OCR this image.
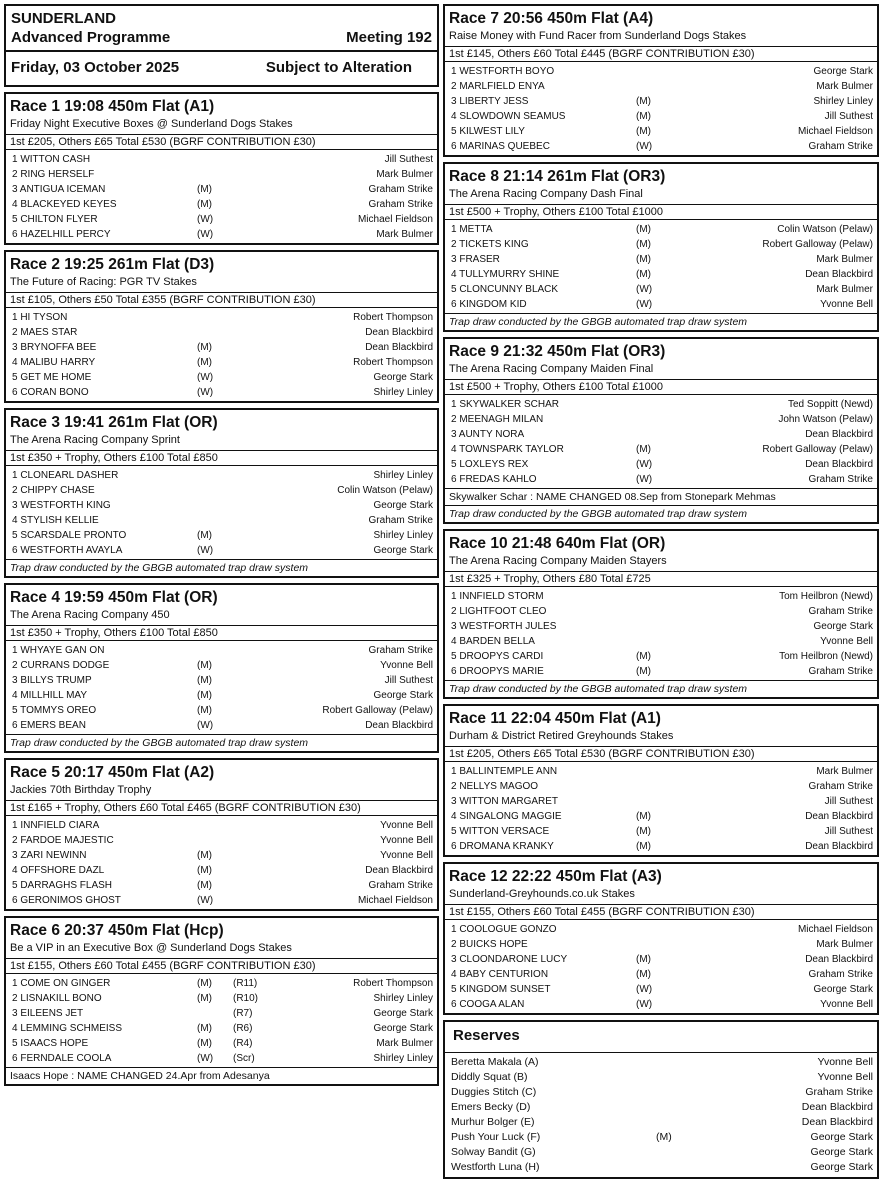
SUNDERLAND
Advanced Programme	Meeting 192
Friday, 03 October 2025	Subject to Alteration
Race 1 19:08 450m Flat (A1)
Friday Night Executive Boxes @ Sunderland Dogs Stakes
1st £205, Others £65 Total £530 (BGRF CONTRIBUTION £30)
1 WITTON CASH	Jill Suthest
2 RING HERSELF	Mark Bulmer
3 ANTIGUA ICEMAN	(M)	Graham Strike
4 BLACKEYED KEYES	(M)	Graham Strike
5 CHILTON FLYER	(W)	Michael Fieldson
6 HAZELHILL PERCY	(W)	Mark Bulmer
Race 2 19:25 261m Flat (D3)
The Future of Racing: PGR TV Stakes
1st £105, Others £50 Total £355 (BGRF CONTRIBUTION £30)
1 HI TYSON	Robert Thompson
2 MAES STAR	Dean Blackbird
3 BRYNOFFA BEE	(M)	Dean Blackbird
4 MALIBU HARRY	(M)	Robert Thompson
5 GET ME HOME	(W)	George Stark
6 CORAN BONO	(W)	Shirley Linley
Race 3 19:41 261m Flat (OR)
The Arena Racing Company Sprint
1st £350 + Trophy, Others £100 Total £850
1 CLONEARL DASHER	Shirley Linley
2 CHIPPY CHASE	Colin Watson (Pelaw)
3 WESTFORTH KING	George Stark
4 STYLISH KELLIE	Graham Strike
5 SCARSDALE PRONTO	(M)	Shirley Linley
6 WESTFORTH AVAYLA	(W)	George Stark
Trap draw conducted by the GBGB automated trap draw system
Race 4 19:59 450m Flat (OR)
The Arena Racing Company 450
1st £350 + Trophy, Others £100 Total £850
1 WHYAYE GAN ON	Graham Strike
2 CURRANS DODGE	(M)	Yvonne Bell
3 BILLYS TRUMP	(M)	Jill Suthest
4 MILLHILL MAY	(M)	George Stark
5 TOMMYS OREO	(M)	Robert Galloway (Pelaw)
6 EMERS BEAN	(W)	Dean Blackbird
Trap draw conducted by the GBGB automated trap draw system
Race 5 20:17 450m Flat (A2)
Jackies 70th Birthday Trophy
1st £165 + Trophy, Others £60 Total £465 (BGRF CONTRIBUTION £30)
1 INNFIELD CIARA	Yvonne Bell
2 FARDOE MAJESTIC	Yvonne Bell
3 ZARI NEWINN	(M)	Yvonne Bell
4 OFFSHORE DAZL	(M)	Dean Blackbird
5 DARRAGHS FLASH	(M)	Graham Strike
6 GERONIMOS GHOST	(W)	Michael Fieldson
Race 6 20:37 450m Flat (Hcp)
Be a VIP in an Executive Box @ Sunderland Dogs Stakes
1st £155, Others £60 Total £455 (BGRF CONTRIBUTION £30)
1 COME ON GINGER	(M)	(R11)	Robert Thompson
2 LISNAKILL BONO	(M)	(R10)	Shirley Linley
3 EILEENS JET	(R7)	George Stark
4 LEMMING SCHMEISS	(M)	(R6)	George Stark
5 ISAACS HOPE	(M)	(R4)	Mark Bulmer
6 FERNDALE COOLA	(W)	(Scr)	Shirley Linley
Isaacs Hope : NAME CHANGED 24.Apr from Adesanya
Race 7 20:56 450m Flat (A4)
Raise Money with Fund Racer from Sunderland Dogs Stakes
1st £145, Others £60 Total £445 (BGRF CONTRIBUTION £30)
1 WESTFORTH BOYO	George Stark
2 MARLFIELD ENYA	Mark Bulmer
3 LIBERTY JESS	(M)	Shirley Linley
4 SLOWDOWN SEAMUS	(M)	Jill Suthest
5 KILWEST LILY	(M)	Michael Fieldson
6 MARINAS QUEBEC	(W)	Graham Strike
Race 8 21:14 261m Flat (OR3)
The Arena Racing Company Dash Final
1st £500 + Trophy, Others £100 Total £1000
1 METTA	(M)	Colin Watson (Pelaw)
2 TICKETS KING	(M)	Robert Galloway (Pelaw)
3 FRASER	(M)	Mark Bulmer
4 TULLYMURRY SHINE	(M)	Dean Blackbird
5 CLONCUNNY BLACK	(W)	Mark Bulmer
6 KINGDOM KID	(W)	Yvonne Bell
Trap draw conducted by the GBGB automated trap draw system
Race 9 21:32 450m Flat (OR3)
The Arena Racing Company Maiden Final
1st £500 + Trophy, Others £100 Total £1000
1 SKYWALKER SCHAR	Ted Soppitt (Newd)
2 MEENAGH MILAN	John Watson (Pelaw)
3 AUNTY NORA	Dean Blackbird
4 TOWNSPARK TAYLOR	(M)	Robert Galloway (Pelaw)
5 LOXLEYS REX	(W)	Dean Blackbird
6 FREDAS KAHLO	(W)	Graham Strike
Skywalker Schar : NAME CHANGED 08.Sep from Stonepark Mehmas
Trap draw conducted by the GBGB automated trap draw system
Race 10 21:48 640m Flat (OR)
The Arena Racing Company Maiden Stayers
1st £325 + Trophy, Others £80 Total £725
1 INNFIELD STORM	Tom Heilbron (Newd)
2 LIGHTFOOT CLEO	Graham Strike
3 WESTFORTH JULES	George Stark
4 BARDEN BELLA	Yvonne Bell
5 DROOPYS CARDI	(M)	Tom Heilbron (Newd)
6 DROOPYS MARIE	(M)	Graham Strike
Trap draw conducted by the GBGB automated trap draw system
Race 11 22:04 450m Flat (A1)
Durham & District Retired Greyhounds Stakes
1st £205, Others £65 Total £530 (BGRF CONTRIBUTION £30)
1 BALLINTEMPLE ANN	Mark Bulmer
2 NELLYS MAGOO	Graham Strike
3 WITTON MARGARET	Jill Suthest
4 SINGALONG MAGGIE	(M)	Dean Blackbird
5 WITTON VERSACE	(M)	Jill Suthest
6 DROMANA KRANKY	(M)	Dean Blackbird
Race 12 22:22 450m Flat (A3)
Sunderland-Greyhounds.co.uk Stakes
1st £155, Others £60 Total £455 (BGRF CONTRIBUTION £30)
1 COOLOGUE GONZO	Michael Fieldson
2 BUICKS HOPE	Mark Bulmer
3 CLOONDARONE LUCY	(M)	Dean Blackbird
4 BABY CENTURION	(M)	Graham Strike
5 KINGDOM SUNSET	(W)	George Stark
6 COOGA ALAN	(W)	Yvonne Bell
Reserves
Beretta Makala (A)	Yvonne Bell
Diddly Squat (B)	Yvonne Bell
Duggies Stitch (C)	Graham Strike
Emers Becky (D)	Dean Blackbird
Murhur Bolger (E)	Dean Blackbird
Push Your Luck (F)	(M)	George Stark
Solway Bandit (G)	George Stark
Westforth Luna (H)	George Stark
